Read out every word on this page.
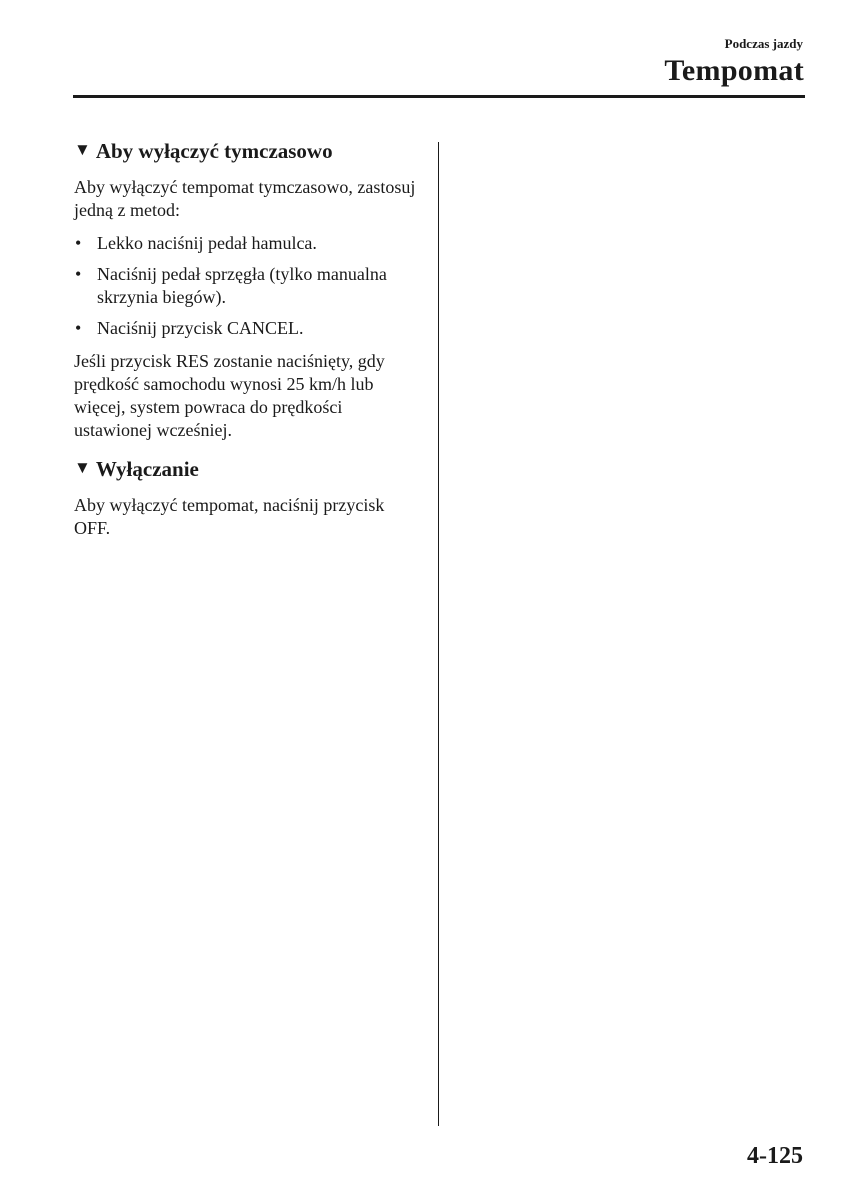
Podczas jazdy
Tempomat
▼ Aby wyłączyć tymczasowo

Aby wyłączyć tempomat tymczasowo, zastosuj jedną z metod:

• Lekko naciśnij pedał hamulca.
• Naciśnij pedał sprzęgła (tylko manualna skrzynia biegów).
• Naciśnij przycisk CANCEL.

Jeśli przycisk RES zostanie naciśnięty, gdy prędkość samochodu wynosi 25 km/h lub więcej, system powraca do prędkości ustawionej wcześniej.

▼ Wyłączanie

Aby wyłączyć tempomat, naciśnij przycisk OFF.

4-125
